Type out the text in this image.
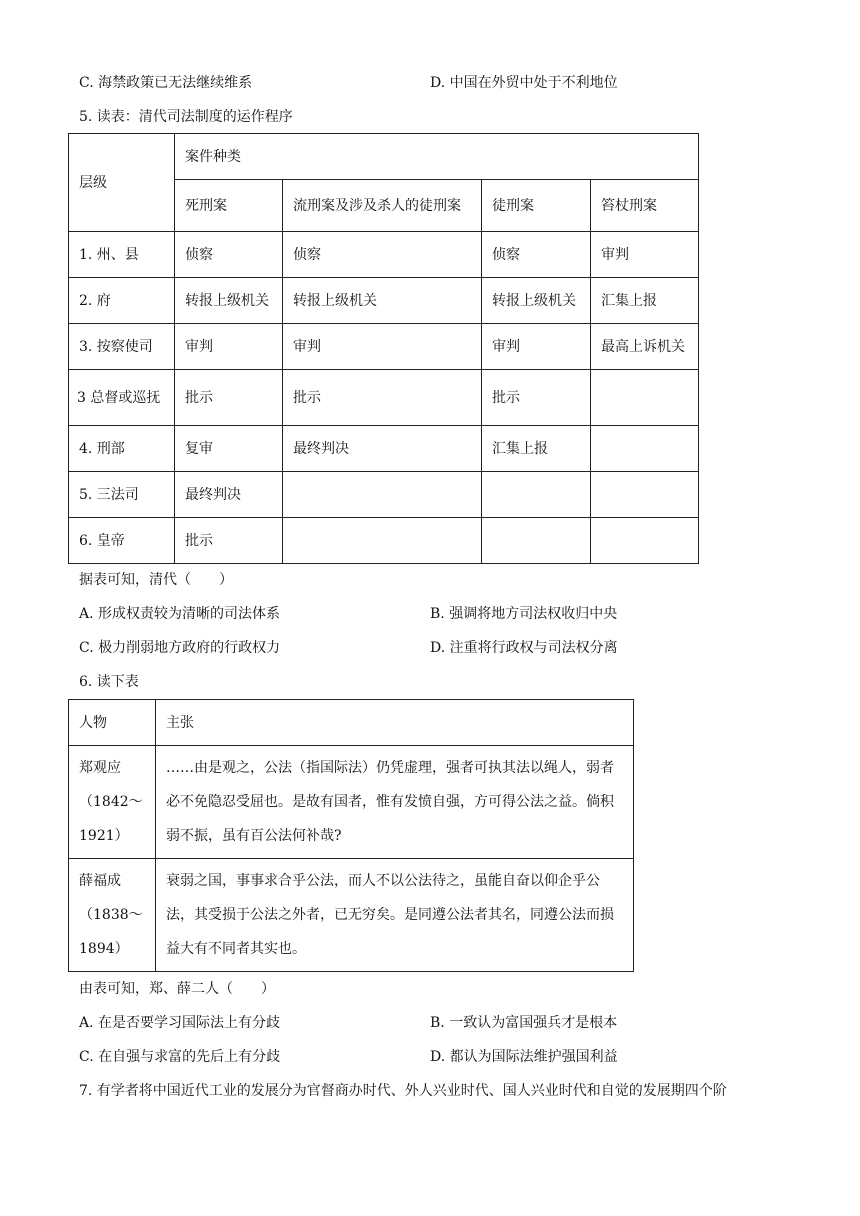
C. 海禁政策已无法继续维系	D. 中国在外贸中处于不利地位
5. 读表：清代司法制度的运作程序
层级	案件种类			
	死刑案	流刑案及涉及杀人的徒刑案	徒刑案	笞杖刑案
1. 州、县	侦察	侦察	侦察	审判
2. 府	转报上级机关	转报上级机关	转报上级机关	汇集上报
3. 按察使司	审判	审判	审判	最高上诉机关
3 总督或巡抚	批示	批示	批示	
4. 刑部	复审	最终判决	汇集上报	
5. 三法司	最终判决			
6. 皇帝	批示			
据表可知，清代（　　）
A. 形成权责较为清晰的司法体系	B. 强调将地方司法权收归中央
C. 极力削弱地方政府的行政权力	D. 注重将行政权与司法权分离
6. 读下表
人物	主张

郑观应
（1842～
1921）	……由是观之，公法（指国际法）仍凭虚理，强者可执其法以绳人，弱者必不免隐忍受屈也。是故有国者，惟有发愤自强，方可得公法之益。倘积弱不振，虽有百公法何补哉?

薛福成
（1838～
1894）	衰弱之国，事事求合乎公法，而人不以公法待之，虽能自奋以仰企乎公法，其受损于公法之外者，已无穷矣。是同遵公法者其名，同遵公法而损益大有不同者其实也。
由表可知，郑、薛二人（　　）
A. 在是否要学习国际法上有分歧	B. 一致认为富国强兵才是根本
C. 在自强与求富的先后上有分歧	D. 都认为国际法维护强国利益
7. 有学者将中国近代工业的发展分为官督商办时代、外人兴业时代、国人兴业时代和自觉的发展期四个阶
